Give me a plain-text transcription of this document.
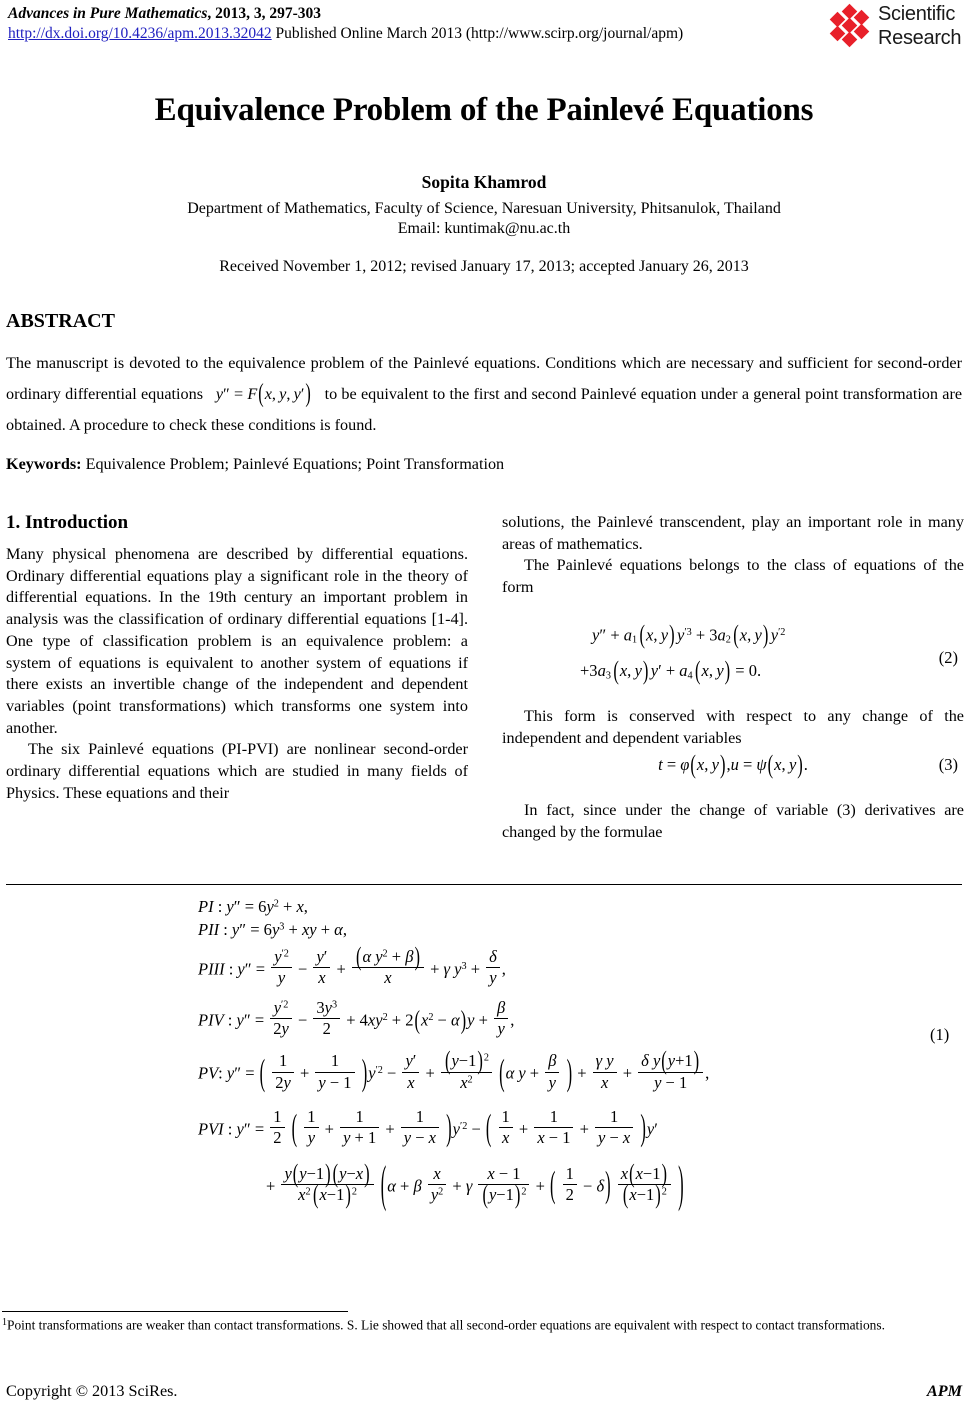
Advances in Pure Mathematics, 2013, 3, 297-303
http://dx.doi.org/10.4236/apm.2013.32042 Published Online March 2013 (http://www.scirp.org/journal/apm)
Scientific
Research
Equivalence Problem of the Painlevé Equations
Sopita Khamrod
Department of Mathematics, Faculty of Science, Naresuan University, Phitsanulok, Thailand
Email: kuntimak@nu.ac.th
Received November 1, 2012; revised January 17, 2013; accepted January 26, 2013
ABSTRACT
The manuscript is devoted to the equivalence problem of the Painlevé equations. Conditions which are necessary and sufficient for second-order ordinary differential equations y″ = F(x, y, y′) to be equivalent to the first and second Painlevé equation under a general point transformation are obtained. A procedure to check these conditions is found.
Keywords: Equivalence Problem; Painlevé Equations; Point Transformation
1. Introduction

Many physical phenomena are described by differential equations. Ordinary differential equations play a significant role in the theory of differential equations. In the 19th century an important problem in analysis was the classification of ordinary differential equations [1-4]. One type of classification problem is an equivalence problem: a system of equations is equivalent to another system of equations if there exists an invertible change of the independent and dependent variables (point transformations) which transforms one system into another.

The six Painlevé equations (PI-PVI) are nonlinear second-order ordinary differential equations which are studied in many fields of Physics. These equations and their

solutions, the Painlevé transcendent, play an important role in many areas of mathematics.

The Painlevé equations belongs to the class of equations of the form

$y'' + a_1$  (x, y)  $y^{'3} + 3a_2$  (x, y)  $y^{'2}$
$+3a_3$  (x, y)  $y' + a_4$  (x, y) = 0.
(2)

This form is conserved with respect to any change of the independent and dependent variables

t = φ(x, y),u = ψ(x, y).	(3)

In fact, since under the change of variable (3) derivatives are changed by the formulae

PI : $y'' = 6y^2 + x$,
PII : $y'' = 6y^3$ + xy + α,
PIII : $y'' = \frac{y^{'2}}{y} - \frac{y'}{x} + \frac{(\alpha y^2 + \beta)}{x} + \gamma$ $y^3 + \frac{\delta}{y}$ ,
PIV : $y'' = \frac{y^{'2}}{2y} - \frac{3y^3}{2} + 4xy^2 + 2(x^2 - \alpha)y + \frac{\beta}{y}$ ,
PV: y″ = ( $\frac{1}{2y} + \frac{1}{y - 1} )y^{'2} - \frac{y'}{x} + \frac{(y-1)^2}{x^2} (\alpha$ $y + \frac{\beta}{y}$ ) + $\frac{\text{γ y}}{x} + \frac{\text{δ y(y+1)}}{y - 1}$ ,
PVI : $y'' = \frac{1}{2}$ ( $\frac{1}{y} + \frac{1}{y + 1} + \frac{1}{y - x} )y^{'2}$ − ( $\frac{1}{x} + \frac{1}{x - 1} + \frac{1}{y - x} )y'$
+ $\frac{y(y-1) (y-x)}{x^2 (x-1)^2} (\alpha + \beta \frac{x}{y^2} + \gamma \frac{x - 1}{(y-1)^2}$ + ( $\frac{1}{2} - \delta) \frac{x(x-1)}{(x-1)^2}$ )
(1)
$^1$Point transformations are weaker than contact transformations. S. Lie showed that all second-order equations are equivalent with respect to contact transformations.
Copyright © 2013 SciRes.	APM
